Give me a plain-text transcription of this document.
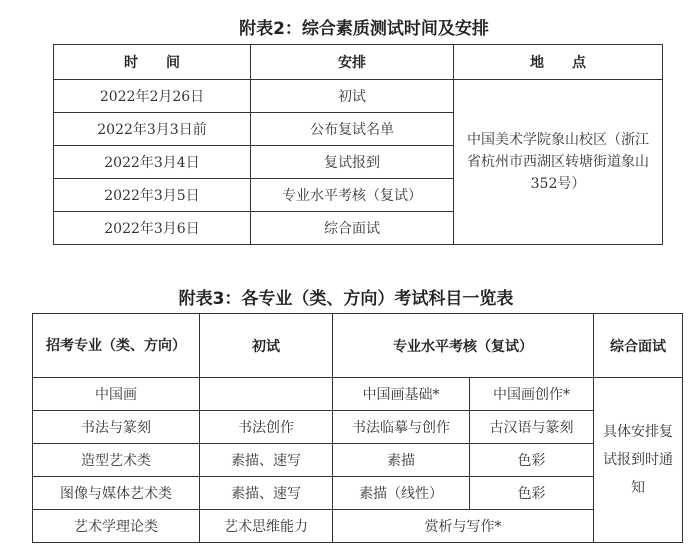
附表2：综合素质测试时间及安排
时　　间	安排	地　　点
2022年2月26日	初试	中国美术学院象山校区（浙江省杭州市西湖区转塘街道象山352号）
2022年3月3日前	公布复试名单	
2022年3月4日	复试报到	
2022年3月5日	专业水平考核（复试）	
2022年3月6日	综合面试	
附表3：各专业（类、方向）考试科目一览表
招考专业（类、方向）	初试	专业水平考核（复试）		综合面试
中国画		中国画基础*	中国画创作*	具体安排复试报到时通知
书法与篆刻	书法创作	书法临摹与创作	古汉语与篆刻	
造型艺术类	素描、速写	素描	色彩	
图像与媒体艺术类	素描、速写	素描（线性）	色彩	
艺术学理论类	艺术思维能力	赏析与写作*		
